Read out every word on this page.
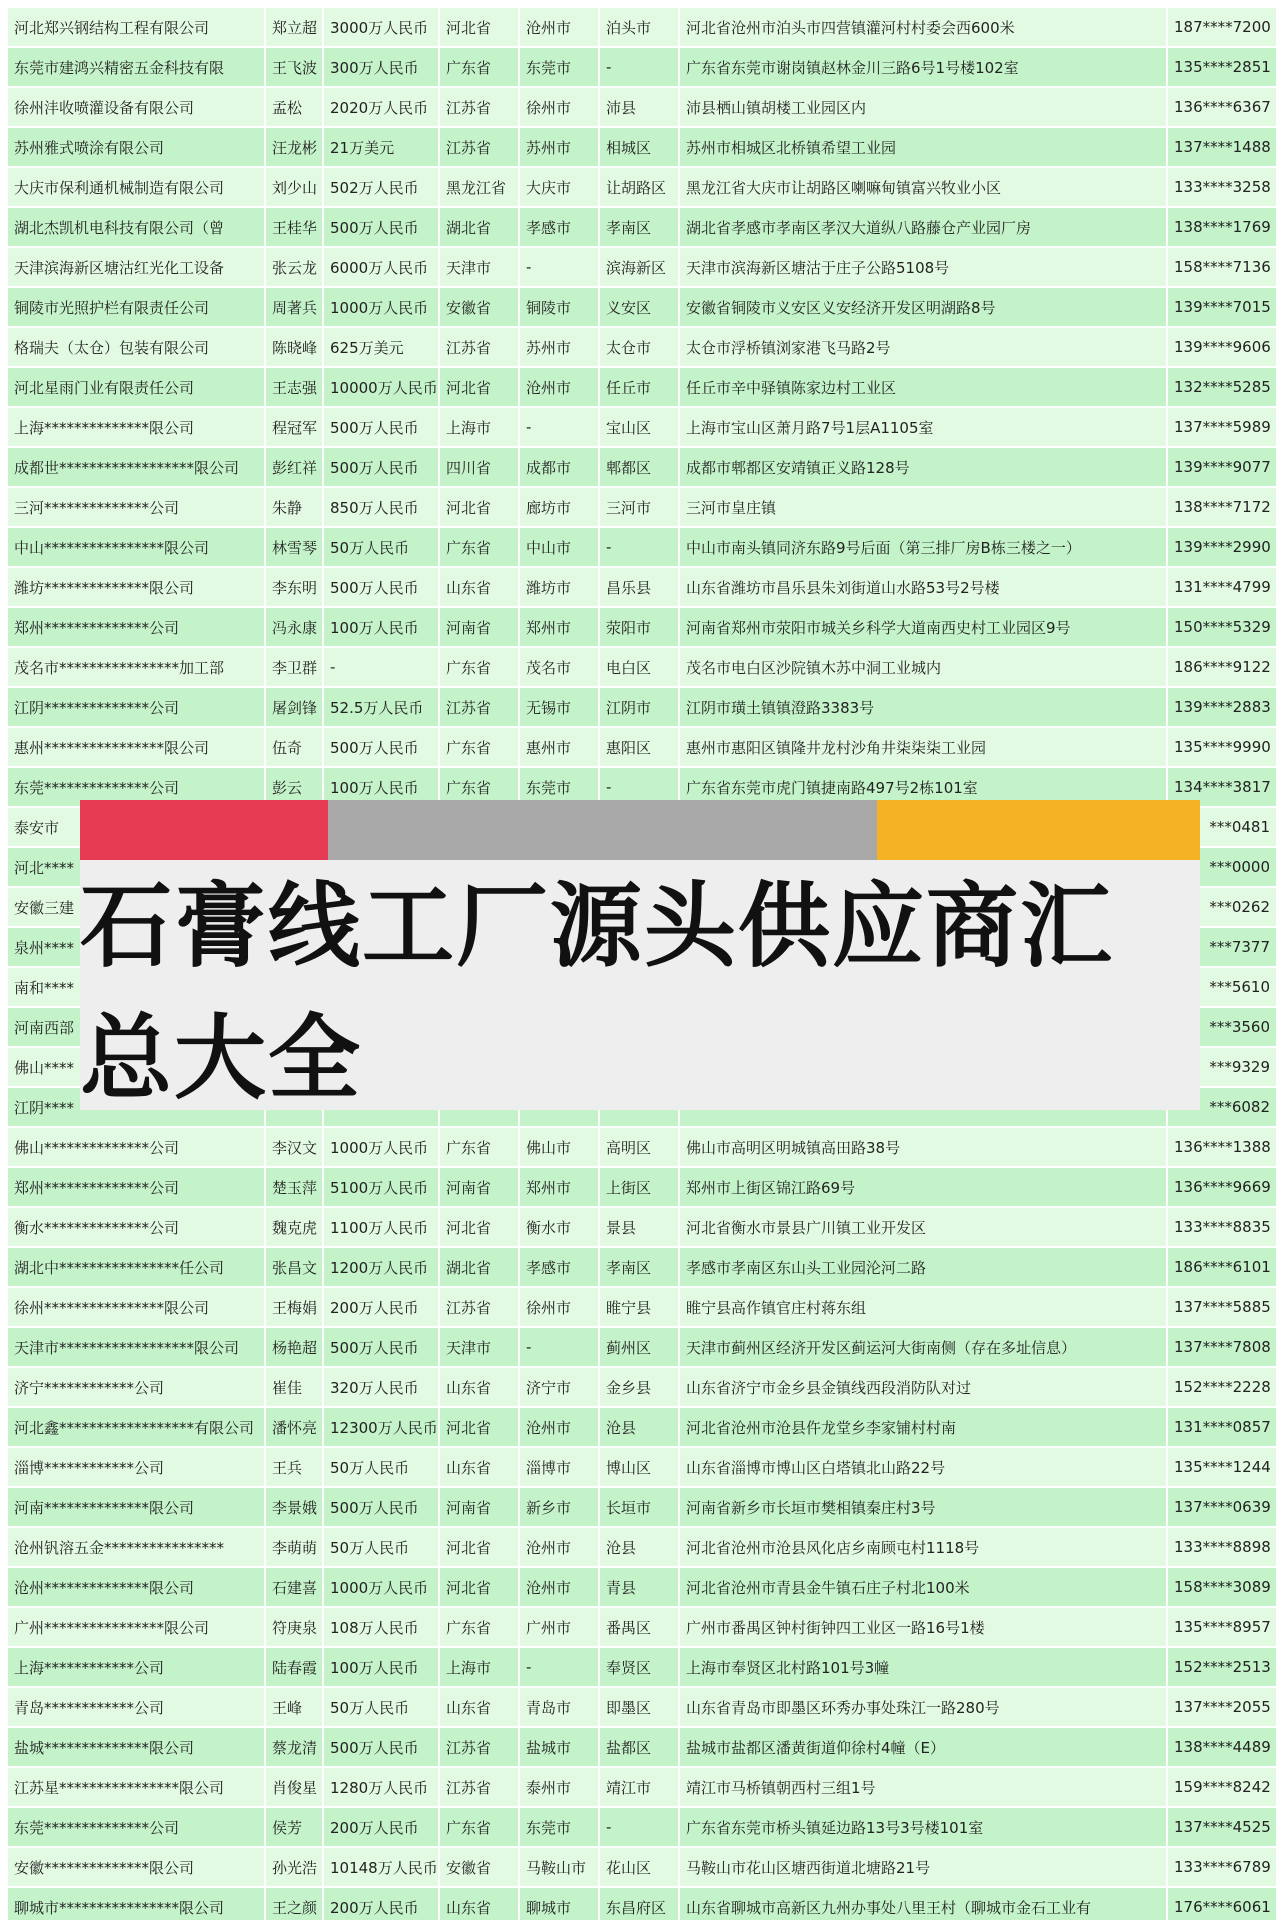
河北郑兴钢结构工程有限公司	郑立超	3000万人民币	河北省	沧州市	泊头市	河北省沧州市泊头市四营镇灌河村村委会西600米	187****7200
东莞市建鸿兴精密五金科技有限	王飞波	300万人民币	广东省	东莞市	-	广东省东莞市谢岗镇赵林金川三路6号1号楼102室	135****2851
徐州沣收喷灌设备有限公司	孟松	2020万人民币	江苏省	徐州市	沛县	沛县栖山镇胡楼工业园区内	136****6367
苏州雅式喷涂有限公司	汪龙彬	21万美元	江苏省	苏州市	相城区	苏州市相城区北桥镇希望工业园	137****1488
大庆市保利通机械制造有限公司	刘少山	502万人民币	黑龙江省	大庆市	让胡路区	黑龙江省大庆市让胡路区喇嘛甸镇富兴牧业小区	133****3258
湖北杰凯机电科技有限公司（曾	王桂华	500万人民币	湖北省	孝感市	孝南区	湖北省孝感市孝南区孝汉大道纵八路藤仓产业园厂房	138****1769
天津滨海新区塘沽红光化工设备	张云龙	6000万人民币	天津市	-	滨海新区	天津市滨海新区塘沽于庄子公路5108号	158****7136
铜陵市光照护栏有限责任公司	周著兵	1000万人民币	安徽省	铜陵市	义安区	安徽省铜陵市义安区义安经济开发区明湖路8号	139****7015
格瑞夫（太仓）包装有限公司	陈晓峰	625万美元	江苏省	苏州市	太仓市	太仓市浮桥镇浏家港飞马路2号	139****9606
河北星雨门业有限责任公司	王志强	10000万人民币	河北省	沧州市	任丘市	任丘市辛中驿镇陈家边村工业区	132****5285
上海**************限公司	程冠军	500万人民币	上海市	-	宝山区	上海市宝山区萧月路7号1层A1105室	137****5989
成都世******************限公司	彭红祥	500万人民币	四川省	成都市	郫都区	成都市郫都区安靖镇正义路128号	139****9077
三河**************公司	朱静	850万人民币	河北省	廊坊市	三河市	三河市皇庄镇	138****7172
中山****************限公司	林雪琴	50万人民币	广东省	中山市	-	中山市南头镇同济东路9号后面（第三排厂房B栋三楼之一）	139****2990
潍坊**************限公司	李东明	500万人民币	山东省	潍坊市	昌乐县	山东省潍坊市昌乐县朱刘街道山水路53号2号楼	131****4799
郑州**************公司	冯永康	100万人民币	河南省	郑州市	荥阳市	河南省郑州市荥阳市城关乡科学大道南西史村工业园区9号	150****5329
茂名市****************加工部	李卫群	-	广东省	茂名市	电白区	茂名市电白区沙院镇木苏中洞工业城内	186****9122
江阴**************公司	屠剑锋	52.5万人民币	江苏省	无锡市	江阴市	江阴市璜土镇镇澄路3383号	139****2883
惠州****************限公司	伍奇	500万人民币	广东省	惠州市	惠阳区	惠州市惠阳区镇隆井龙村沙角井柒柒柒工业园	135****9990
东莞**************公司	彭云	100万人民币	广东省	东莞市	-	广东省东莞市虎门镇捷南路497号2栋101室	134****3817
泰安市							***0481
河北****							***0000
安徽三建							***0262
泉州****							***7377
南和****							***5610
河南西部							***3560
佛山****							***9329
江阴****							***6082
佛山**************公司	李汉文	1000万人民币	广东省	佛山市	高明区	佛山市高明区明城镇高田路38号	136****1388
郑州**************公司	楚玉萍	5100万人民币	河南省	郑州市	上街区	郑州市上街区锦江路69号	136****9669
衡水**************公司	魏克虎	1100万人民币	河北省	衡水市	景县	河北省衡水市景县广川镇工业开发区	133****8835
湖北中****************任公司	张昌文	1200万人民币	湖北省	孝感市	孝南区	孝感市孝南区东山头工业园沦河二路	186****6101
徐州****************限公司	王梅娟	200万人民币	江苏省	徐州市	睢宁县	睢宁县高作镇官庄村蒋东组	137****5885
天津市******************限公司	杨艳超	500万人民币	天津市	-	蓟州区	天津市蓟州区经济开发区蓟运河大街南侧（存在多址信息）	137****7808
济宁************公司	崔佳	320万人民币	山东省	济宁市	金乡县	山东省济宁市金乡县金镇线西段消防队对过	152****2228
河北鑫******************有限公司	潘怀亮	12300万人民币	河北省	沧州市	沧县	河北省沧州市沧县仵龙堂乡李家铺村村南	131****0857
淄博************公司	王兵	50万人民币	山东省	淄博市	博山区	山东省淄博市博山区白塔镇北山路22号	135****1244
河南**************限公司	李景娥	500万人民币	河南省	新乡市	长垣市	河南省新乡市长垣市樊相镇秦庄村3号	137****0639
沧州钒溶五金****************	李萌萌	50万人民币	河北省	沧州市	沧县	河北省沧州市沧县风化店乡南顾屯村1118号	133****8898
沧州**************限公司	石建喜	1000万人民币	河北省	沧州市	青县	河北省沧州市青县金牛镇石庄子村北100米	158****3089
广州****************限公司	符庚泉	108万人民币	广东省	广州市	番禺区	广州市番禺区钟村街钟四工业区一路16号1楼	135****8957
上海************公司	陆春霞	100万人民币	上海市	-	奉贤区	上海市奉贤区北村路101号3幢	152****2513
青岛************公司	王峰	50万人民币	山东省	青岛市	即墨区	山东省青岛市即墨区环秀办事处珠江一路280号	137****2055
盐城**************限公司	蔡龙清	500万人民币	江苏省	盐城市	盐都区	盐城市盐都区潘黄街道仰徐村4幢（E）	138****4489
江苏星****************限公司	肖俊星	1280万人民币	江苏省	泰州市	靖江市	靖江市马桥镇朝西村三组1号	159****8242
东莞**************公司	侯芳	200万人民币	广东省	东莞市	-	广东省东莞市桥头镇延边路13号3号楼101室	137****4525
安徽**************限公司	孙光浩	10148万人民币	安徽省	马鞍山市	花山区	马鞍山市花山区塘西街道北塘路21号	133****6789
聊城市****************限公司	王之颜	200万人民币	山东省	聊城市	东昌府区	山东省聊城市高新区九州办事处八里王村（聊城市金石工业有	176****6061
石膏线工厂源头供应商汇总大全
